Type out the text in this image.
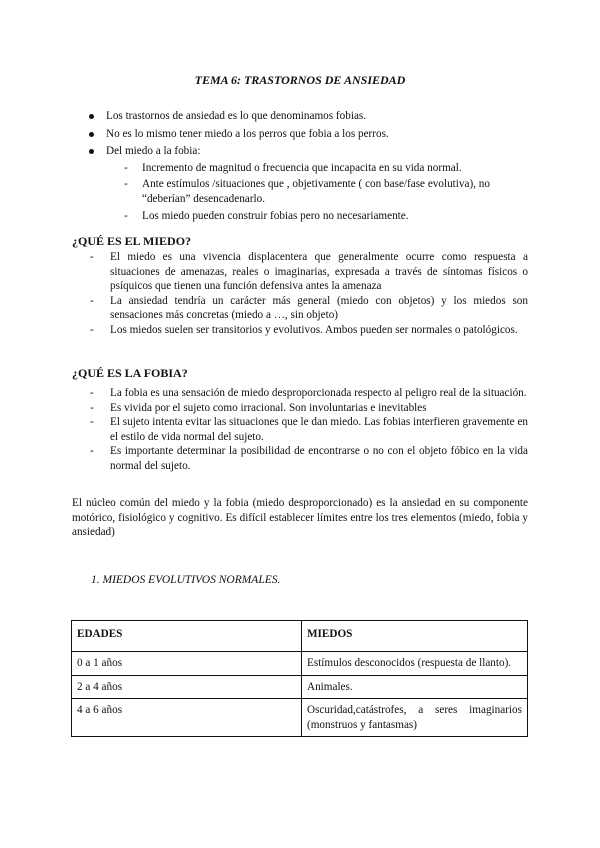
TEMA 6: TRASTORNOS DE ANSIEDAD
Los trastornos de ansiedad es lo que denominamos fobias.
No es lo mismo tener miedo a los perros que fobia a los perros.
Del miedo a la fobia:
- Incremento de magnitud o frecuencia que incapacita en su vida normal.
- Ante estímulos /situaciones que , objetivamente ( con base/fase evolutiva), no “deberían” desencadenarlo.
- Los miedo pueden construir fobias pero no necesariamente.
¿QUÉ ES EL MIEDO?
- El miedo es una vivencia displacentera que generalmente ocurre como respuesta a situaciones de amenazas, reales o imaginarias, expresada a través de síntomas físicos o psíquicos que tienen una función defensiva antes la amenaza
- La ansiedad tendría un carácter más general (miedo con objetos) y los miedos son sensaciones más concretas (miedo a …, sin objeto)
- Los miedos suelen ser transitorios y evolutivos. Ambos pueden ser normales o patológicos.
¿QUÉ ES LA FOBIA?
- La fobia es una sensación de miedo desproporcionada respecto al peligro real de la situación.
- Es vivida por el sujeto como irracional. Son involuntarias e inevitables
- El sujeto intenta evitar las situaciones que le dan miedo. Las fobias interfieren gravemente en el estilo de vida normal del sujeto.
- Es importante determinar la posibilidad de encontrarse o no con el objeto fóbico en la vida normal del sujeto.
El núcleo común del miedo y la fobia (miedo desproporcionado) es la ansiedad en su componente motórico, fisiológico y cognitivo. Es difícil establecer límites entre los tres elementos (miedo, fobia y ansiedad)
1. MIEDOS EVOLUTIVOS NORMALES.
EDADES	MIEDOS
0 a 1 años	Estímulos desconocidos (respuesta de llanto).
2 a 4 años	Animales.
4 a 6 años	Oscuridad,catástrofes, a seres imaginarios (monstruos y fantasmas)
